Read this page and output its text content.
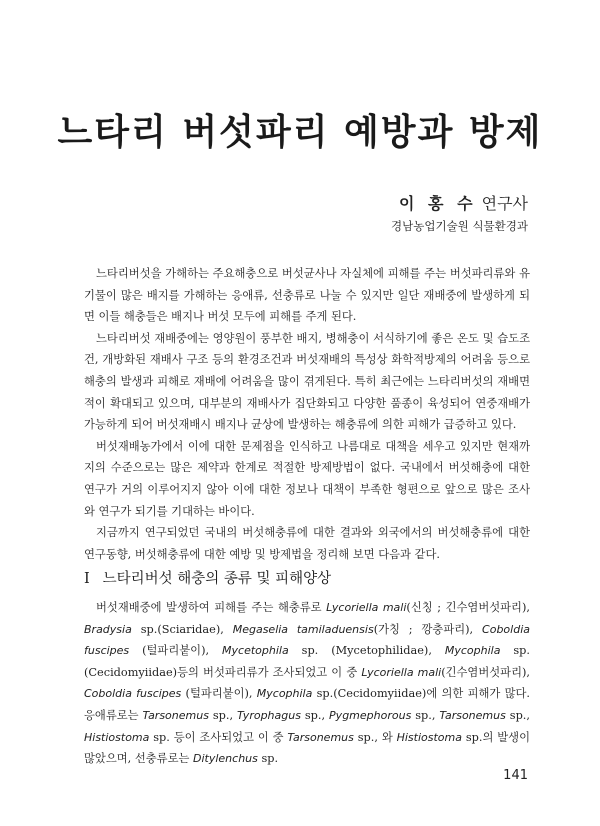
느타리 버섯파리 예방과 방제
이 홍 수 연구사
경남농업기술원 식물환경과

느타리버섯을 가해하는 주요해충으로 버섯균사나 자실체에 피해를 주는 버섯파리류와 유기물이 많은 배지를 가해하는 응애류, 선충류로 나눌 수 있지만 일단 재배중에 발생하게 되면 이들 해충들은 배지나 버섯 모두에 피해를 주게 된다.

느타리버섯 재배중에는 영양원이 풍부한 배지, 병해충이 서식하기에 좋은 온도 및 습도조건, 개방화된 재배사 구조 등의 환경조건과 버섯재배의 특성상 화학적방제의 어려움 등으로 해충의 발생과 피해로 재배에 어려움을 많이 겪게된다. 특히 최근에는 느타리버섯의 재배면적이 확대되고 있으며, 대부분의 재배사가 집단화되고 다양한 품종이 육성되어 연중재배가 가능하게 되어 버섯재배시 배지나 균상에 발생하는 해충류에 의한 피해가 급증하고 있다.

버섯재배농가에서 이에 대한 문제점을 인식하고 나름대로 대책을 세우고 있지만 현재까지의 수준으로는 많은 제약과 한계로 적절한 방제방법이 없다. 국내에서 버섯해충에 대한 연구가 거의 이루어지지 않아 이에 대한 정보나 대책이 부족한 형편으로 앞으로 많은 조사와 연구가 되기를 기대하는 바이다.

지금까지 연구되었던 국내의 버섯해충류에 대한 결과와 외국에서의 버섯해충류에 대한 연구동향, 버섯해충류에 대한 예방 및 방제법을 정리해 보면 다음과 같다.

Ⅰ 느타리버섯 해충의 종류 및 피해양상

버섯재배중에 발생하여 피해를 주는 해충류로 Lycoriella mali(신칭 ; 긴수염버섯파리), Bradysia sp.(Sciaridae), Megaselia tamiladuensis(가칭 ; 깡충파리), Coboldia fuscipes (털파리붙이), Mycetophila sp. (Mycetophilidae), Mycophila sp.(Cecidomyiidae)등의 버섯파리류가 조사되었고 이 중 Lycoriella mali(긴수염버섯파리), Coboldia fuscipes (털파리붙이), Mycophila sp.(Cecidomyiidae)에 의한 피해가 많다. 응애류로는 Tarsonemus sp., Tyrophagus sp., Pygmephorous sp., Tarsonemus sp., Histiostoma sp. 등이 조사되었고 이 중 Tarsonemus sp., 와 Histiostoma sp.의 발생이 많았으며, 선충류로는 Ditylenchus sp.

141
